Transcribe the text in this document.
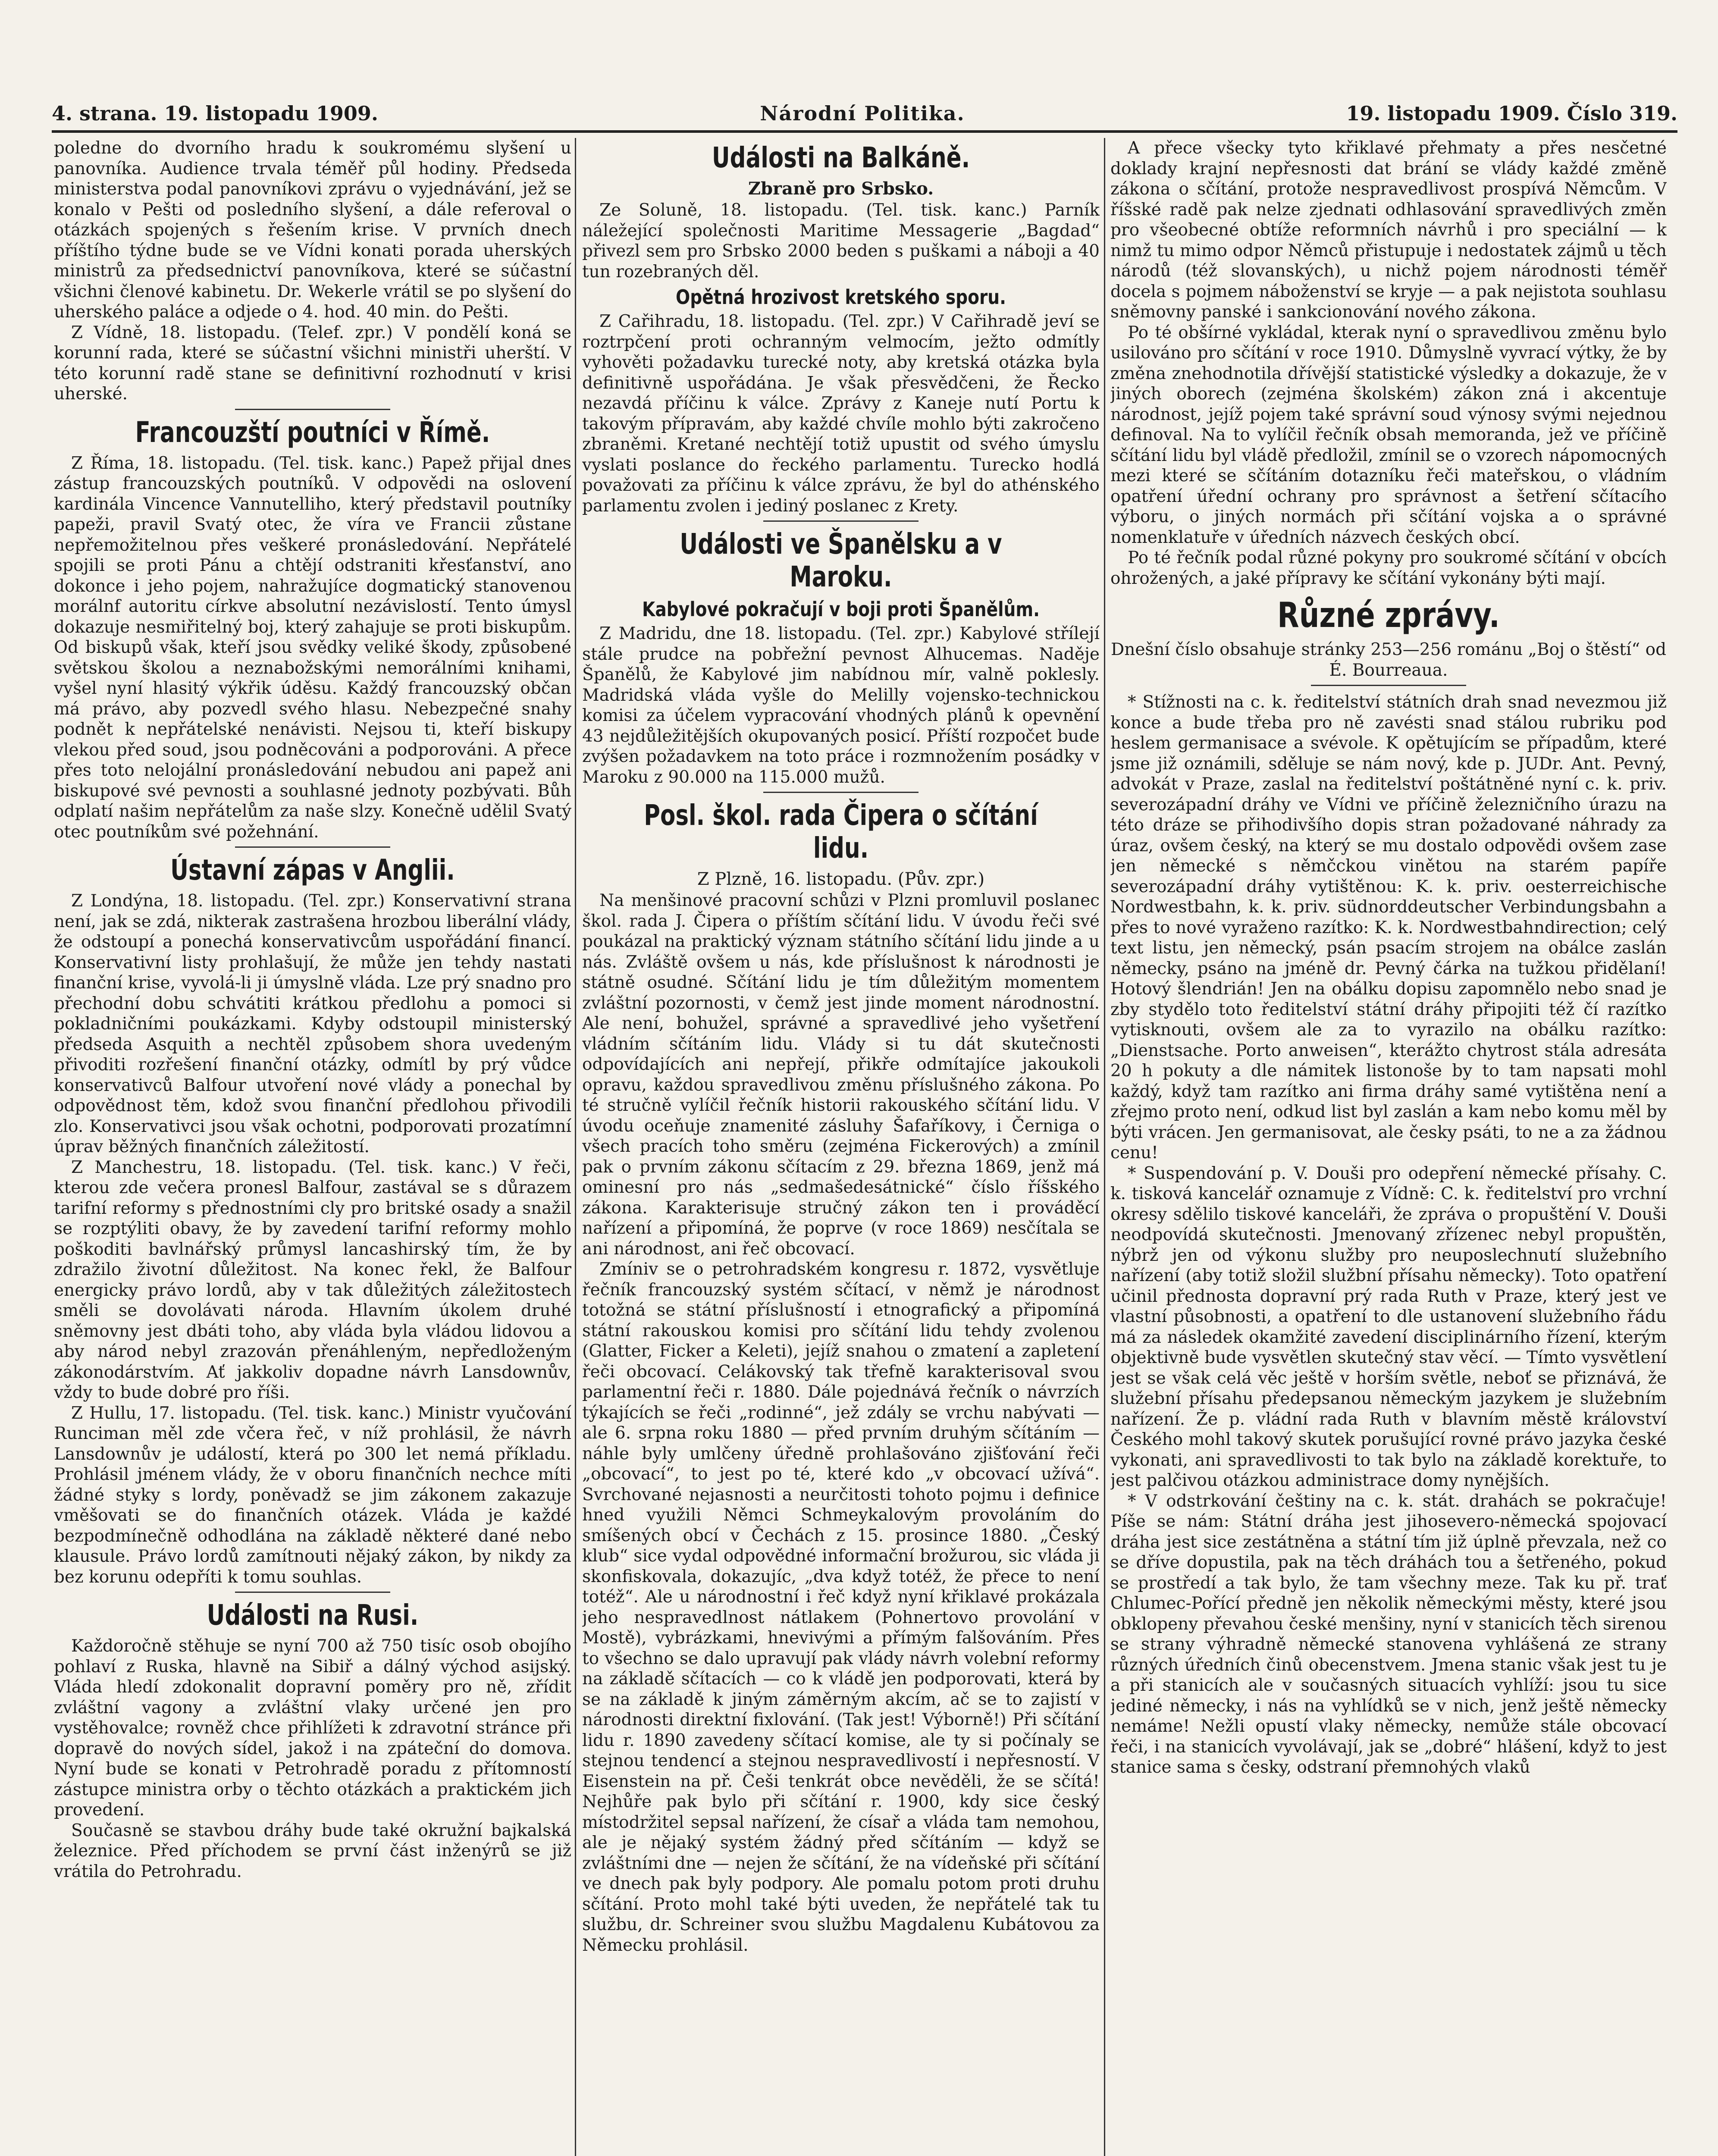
4. strana. 19. listopadu 1909.	Národní Politika.	19. listopadu 1909. Číslo 319.

poledne do dvorního hradu k soukromému slyšení u panovníka. Audience trvala téměř půl hodiny. Předseda ministerstva podal panovníkovi zprávu o vyjednávání, jež se konalo v Pešti od posledního slyšení, a dále referoval o otázkách spojených s řešením krise. V prvních dnech příštího týdne bude se ve Vídni konati porada uherských ministrů za předsednictví panovníkova, které se súčastní všichni členové kabinetu. Dr. Wekerle vrátil se po slyšení do uherského paláce a odjede o 4. hod. 40 min. do Pešti.

Z Vídně, 18. listopadu. (Telef. zpr.) V pondělí koná se korunní rada, které se súčastní všichni ministři uherští. V této korunní radě stane se definitivní rozhodnutí v krisi uherské.

Francouzští poutníci v Římě.

Z Říma, 18. listopadu. (Tel. tisk. kanc.) Papež přijal dnes zástup francouzských poutníků. V odpovědi na oslovení kardinála Vincence Vannutelliho, který představil poutníky papeži, pravil Svatý otec, že víra ve Francii zůstane nepřemožitelnou přes veškeré pronásledování. Nepřátelé spojili se proti Pánu a chtějí odstraniti křesťanství, ano dokonce i jeho pojem, nahražujíce dogmatický stanovenou morálnf autoritu církve absolutní nezávislostí. Tento úmysl dokazuje nesmiřitelný boj, který zahajuje se proti biskupům. Od biskupů však, kteří jsou svědky veliké škody, způsobené světskou školou a neznabožskými nemorálními knihami, vyšel nyní hlasitý výkřik úděsu. Každý francouzský občan má právo, aby pozvedl svého hlasu. Nebezpečné snahy podnět k nepřátelské nenávisti. Nejsou ti, kteří biskupy vlekou před soud, jsou podněcováni a podporováni. A přece přes toto nelojální pronásledování nebudou ani papež ani biskupové své pevnosti a souhlasné jednoty pozbývati. Bůh odplatí našim nepřátelům za naše slzy. Konečně udělil Svatý otec poutníkům své požehnání.

Ústavní zápas v Anglii.

Z Londýna, 18. listopadu. (Tel. zpr.) Konservativní strana není, jak se zdá, nikterak zastrašena hrozbou liberální vlády, že odstoupí a ponechá konservativcům uspořádání financí. Konservativní listy prohlašují, že může jen tehdy nastati finanční krise, vyvolá-li ji úmyslně vláda. Lze prý snadno pro přechodní dobu schvátiti krátkou předlohu a pomoci si pokladničními poukázkami. Kdyby odstoupil ministerský předseda Asquith a nechtěl způsobem shora uvedeným přivoditi rozřešení finanční otázky, odmítl by prý vůdce konservativců Balfour utvoření nové vlády a ponechal by odpovědnost těm, kdož svou finanční předlohou přivodili zlo. Konservativci jsou však ochotni, podporovati prozatímní úprav běžných finančních záležitostí.

Z Manchestru, 18. listopadu. (Tel. tisk. kanc.) V řeči, kterou zde večera pronesl Balfour, zastával se s důrazem tarifní reformy s přednostními cly pro britské osady a snažil se rozptýliti obavy, že by zavedení tarifní reformy mohlo poškoditi bavlnářský průmysl lancashirský tím, že by zdražilo životní důležitost. Na konec řekl, že Balfour energicky právo lordů, aby v tak důležitých záležitostech směli se dovolávati národa. Hlavním úkolem druhé sněmovny jest dbáti toho, aby vláda byla vládou lidovou a aby národ nebyl zrazován přenáhleným, nepředloženým zákonodárstvím. Ať jakkoliv dopadne návrh Lansdownův, vždy to bude dobré pro říši.

Z Hullu, 17. listopadu. (Tel. tisk. kanc.) Ministr vyučování Runciman měl zde včera řeč, v níž prohlásil, že návrh Lansdownův je událostí, která po 300 let nemá příkladu. Prohlásil jménem vlády, že v oboru finančních nechce míti žádné styky s lordy, poněvadž se jim zákonem zakazuje vměšovati se do finančních otázek. Vláda je každé bezpodmínečně odhodlána na základě některé dané nebo klausule. Právo lordů zamítnouti nějaký zákon, by nikdy za bez korunu odepříti k tomu souhlas.

Události na Rusi.

Každoročně stěhuje se nyní 700 až 750 tisíc osob obojího pohlaví z Ruska, hlavně na Sibiř a dálný východ asijský. Vláda hledí zdokonalit dopravní poměry pro ně, zřídit zvláštní vagony a zvláštní vlaky určené jen pro vystěhovalce; rovněž chce přihlížeti k zdravotní stránce při dopravě do nových sídel, jakož i na zpáteční do domova. Nyní bude se konati v Petrohradě poradu z přítomností zástupce ministra orby o těchto otázkách a praktickém jich provedení.

Současně se stavbou dráhy bude také okružní bajkalská železnice. Před příchodem se první část inženýrů se již vrátila do Petrohradu.

Události na Balkáně.
Zbraně pro Srbsko.

Ze Soluně, 18. listopadu. (Tel. tisk. kanc.) Parník náležející společnosti Maritime Messagerie „Bagdad“ přivezl sem pro Srbsko 2000 beden s puškami a náboji a 40 tun rozebraných děl.

Opětná hrozivost kretského sporu.

Z Cařihradu, 18. listopadu. (Tel. zpr.) V Cařihradě jeví se roztrpčení proti ochranným velmocím, ježto odmítly vyhověti požadavku turecké noty, aby kretská otázka byla definitivně uspořádána. Je však přesvědčeni, že Řecko nezavdá příčinu k válce. Zprávy z Kaneje nutí Portu k takovým přípravám, aby každé chvíle mohlo býti zakročeno zbraněmi. Kretané nechtějí totiž upustit od svého úmyslu vyslati poslance do řeckého parlamentu. Turecko hodlá považovati za příčinu k válce zprávu, že byl do athénského parlamentu zvolen i jediný poslanec z Krety.

Události ve Španělsku a v Maroku.
Kabylové pokračují v boji proti Španělům.

Z Madridu, dne 18. listopadu. (Tel. zpr.) Kabylové střílejí stále prudce na pobřežní pevnost Alhucemas. Naděje Španělů, že Kabylové jim nabídnou mír, valně poklesly. Madridská vláda vyšle do Melilly vojensko-technickou komisi za účelem vypracování vhodných plánů k opevnění 43 nejdůležitějších okupovaných posicí. Příští rozpočet bude zvýšen požadavkem na toto práce i rozmnožením posádky v Maroku z 90.000 na 115.000 mužů.

Posl. škol. rada Čipera o sčítání lidu.
Z Plzně, 16. listopadu. (Pův. zpr.)

Na menšinové pracovní schůzi v Plzni promluvil poslanec škol. rada J. Čipera o příštím sčítání lidu. V úvodu řeči své poukázal na praktický význam státního sčítání lidu jinde a u nás. Zvláště ovšem u nás, kde příslušnost k národnosti je státně osudné. Sčítání lidu je tím důležitým momentem zvláštní pozornosti, v čemž jest jinde moment národnostní. Ale není, bohužel, správné a spravedlivé jeho vyšetření vládním sčítáním lidu. Vlády si tu dát skutečnosti odpovídajících ani nepřejí, přikře odmítajíce jakoukoli opravu, každou spravedlivou změnu příslušného zákona. Po té stručně vylíčil řečník historii rakouského sčítání lidu. V úvodu oceňuje znamenité zásluhy Šafaříkovy, i Černiga o všech pracích toho směru (zejména Fickerových) a zmínil pak o prvním zákonu sčítacím z 29. března 1869, jenž má ominesní pro nás „sedmašedesátnické“ číslo říšského zákona. Karakterisuje stručný zákon ten i prováděcí nařízení a připomíná, že poprve (v roce 1869) nesčítala se ani národnost, ani řeč obcovací.

Zmíniv se o petrohradském kongresu r. 1872, vysvětluje řečník francouzský systém sčítací, v němž je národnost totožná se státní příslušností i etnografický a připomíná státní rakouskou komisi pro sčítání lidu tehdy zvolenou (Glatter, Ficker a Keleti), jejíž snahou o zmatení a zapletení řeči obcovací. Celákovský tak třefně karakterisoval svou parlamentní řeči r. 1880. Dále pojednává řečník o návrzích týkajících se řeči „rodinné“, jež zdály se vrchu nabývati — ale 6. srpna roku 1880 — před prvním druhým sčítáním — náhle byly umlčeny úředně prohlašováno zjišťování řeči „obcovací“, to jest po té, které kdo „v obcovací užívá“. Svrchované nejasnosti a neurčitosti tohoto pojmu i definice hned využili Němci Schmeykalovým provoláním do smíšených obcí v Čechách z 15. prosince 1880. „Český klub“ sice vydal odpovědné informační brožurou, sic vláda ji skonfiskovala, dokazujíc, „dva když totéž, že přece to není totéž“. Ale u národnostní i řeč když nyní křiklavé prokázala jeho nespravedlnost nátlakem (Pohnertovo provolání v Mostě), vybrázkami, hnevivými a přímým falšováním. Přes to všechno se dalo upravují pak vlády návrh volební reformy na základě sčítacích — co k vládě jen podporovati, která by se na základě k jiným záměrným akcím, ač se to zajistí v národnosti direktní fixlování. (Tak jest! Výborně!) Při sčítání lidu r. 1890 zavedeny sčítací komise, ale ty si počínaly se stejnou tendencí a stejnou nespravedlivostí i nepřesností. V Eisenstein na př. Češi tenkrát obce nevěděli, že se sčítá! Nejhůře pak bylo při sčítání r. 1900, kdy sice český místodržitel sepsal nařízení, že císař a vláda tam nemohou, ale je nějaký systém žádný před sčítáním — když se zvláštními dne — nejen že sčítání, že na vídeňské při sčítání ve dnech pak byly podpory. Ale pomalu potom proti druhu sčítání. Proto mohl také býti uveden, že nepřátelé tak tu službu, dr. Schreiner svou službu Magdalenu Kubátovou za Německu prohlásil.

A přece všecky tyto křiklavé přehmaty a přes nesčetné doklady krajní nepřesnosti dat brání se vlády každé změně zákona o sčítání, protože nespravedlivost prospívá Němcům. V říšské radě pak nelze zjednati odhlasování spravedlivých změn pro všeobecné obtíže reformních návrhů i pro speciální — k nimž tu mimo odpor Němců přistupuje i nedostatek zájmů u těch národů (též slovanských), u nichž pojem národnosti téměř docela s pojmem náboženství se kryje — a pak nejistota souhlasu sněmovny panské i sankcionování nového zákona.

Po té obšírné vykládal, kterak nyní o spravedlivou změnu bylo usilováno pro sčítání v roce 1910. Důmyslně vyvrací výtky, že by změna znehodnotila dřívější statistické výsledky a dokazuje, že v jiných oborech (zejména školském) zákon zná i akcentuje národnost, jejíž pojem také správní soud výnosy svými nejednou definoval. Na to vylíčil řečník obsah memoranda, jež ve příčině sčítání lidu byl vládě předložil, zmínil se o vzorech nápomocných mezi které se sčítáním dotazníku řeči mateřskou, o vládním opatření úřední ochrany pro správnost a šetření sčítacího výboru, o jiných normách při sčítání vojska a o správné nomenklatuře v úředních názvech českých obcí.

Po té řečník podal různé pokyny pro soukromé sčítání v obcích ohrožených, a jaké přípravy ke sčítání vykonány býti mají.

Různé zprávy.

Dnešní číslo obsahuje stránky 253—256 románu „Boj o štěstí“ od É. Bourreaua.

* Stížnosti na c. k. ředitelství státních drah snad nevezmou již konce a bude třeba pro ně zavésti snad stálou rubriku pod heslem germanisace a svévole. K opětujícím se případům, které jsme již oznámili, sděluje se nám nový, kde p. JUDr. Ant. Pevný, advokát v Praze, zaslal na ředitelství poštátněné nyní c. k. priv. severozápadní dráhy ve Vídni ve příčině železničního úrazu na této dráze se přihodivšího dopis stran požadované náhrady za úraz, ovšem český, na který se mu dostalo odpovědi ovšem zase jen německé s němčckou vinětou na starém papíře severozápadní dráhy vytištěnou: K. k. priv. oesterreichische Nordwestbahn, k. k. priv. südnorddeutscher Verbindungsbahn a přes to nové vyraženo razítko: K. k. Nordwestbahndirection; celý text listu, jen německý, psán psacím strojem na obálce zaslán německy, psáno na jméně dr. Pevný čárka na tužkou přidělaní! Hotový šlendrián! Jen na obálku dopisu zapomnělo nebo snad je zby stydělo toto ředitelství státní dráhy připojiti též čí razítko vytisknouti, ovšem ale za to vyrazilo na obálku razítko: „Dienstsache. Porto anweisen“, kterážto chytrost stála adresáta 20 h pokuty a dle námitek listonoše by to tam napsati mohl každý, když tam razítko ani firma dráhy samé vytištěna není a zřejmo proto není, odkud list byl zaslán a kam nebo komu měl by býti vrácen. Jen germanisovat, ale česky psáti, to ne a za žádnou cenu!

* Suspendování p. V. Douši pro odepření německé přísahy. C. k. tisková kancelář oznamuje z Vídně: C. k. ředitelství pro vrchní okresy sdělilo tiskové kanceláři, že zpráva o propuštění V. Douši neodpovídá skutečnosti. Jmenovaný zřízenec nebyl propuštěn, nýbrž jen od výkonu služby pro neuposlechnutí služebního nařízení (aby totiž složil službní přísahu německy). Toto opatření učinil přednosta dopravní prý rada Ruth v Praze, který jest ve vlastní působnosti, a opatření to dle ustanovení služebního řádu má za následek okamžité zavedení disciplinárního řízení, kterým objektivně bude vysvětlen skutečný stav věcí. — Tímto vysvětlení jest se však celá věc ještě v horším světle, neboť se přiznává, že služební přísahu předepsanou německým jazykem je služebním nařízení. Že p. vládní rada Ruth v blavním městě království Českého mohl takový skutek porušující rovné právo jazyka české vykonati, ani spravedlivosti to tak bylo na základě korektuře, to jest palčivou otázkou administrace domy nynějších.

* V odstrkování češtiny na c. k. stát. drahách se pokračuje! Píše se nám: Státní dráha jest jihosevero-německá spojovací dráha jest sice zestátněna a státní tím již úplně převzala, než co se dříve dopustila, pak na těch dráhách tou a šetřeného, pokud se prostředí a tak bylo, že tam všechny meze. Tak ku př. trať Chlumec-Pořící předně jen několik německými městy, které jsou obklopeny převahou české menšiny, nyní v stanicích těch sirenou se strany výhradně německé stanovena vyhlášená ze strany různých úředních činů obecenstvem. Jmena stanic však jest tu je a při stanicích ale v současných situacích vyhlíží: jsou tu sice jediné německy, i nás na vyhlídků se v nich, jenž ještě německy nemáme! Nežli opustí vlaky německy, nemůže stále obcovací řeči, i na stanicích vyvolávají, jak se „dobré“ hlášení, když to jest stanice sama s česky, odstraní přemnohých vlaků
